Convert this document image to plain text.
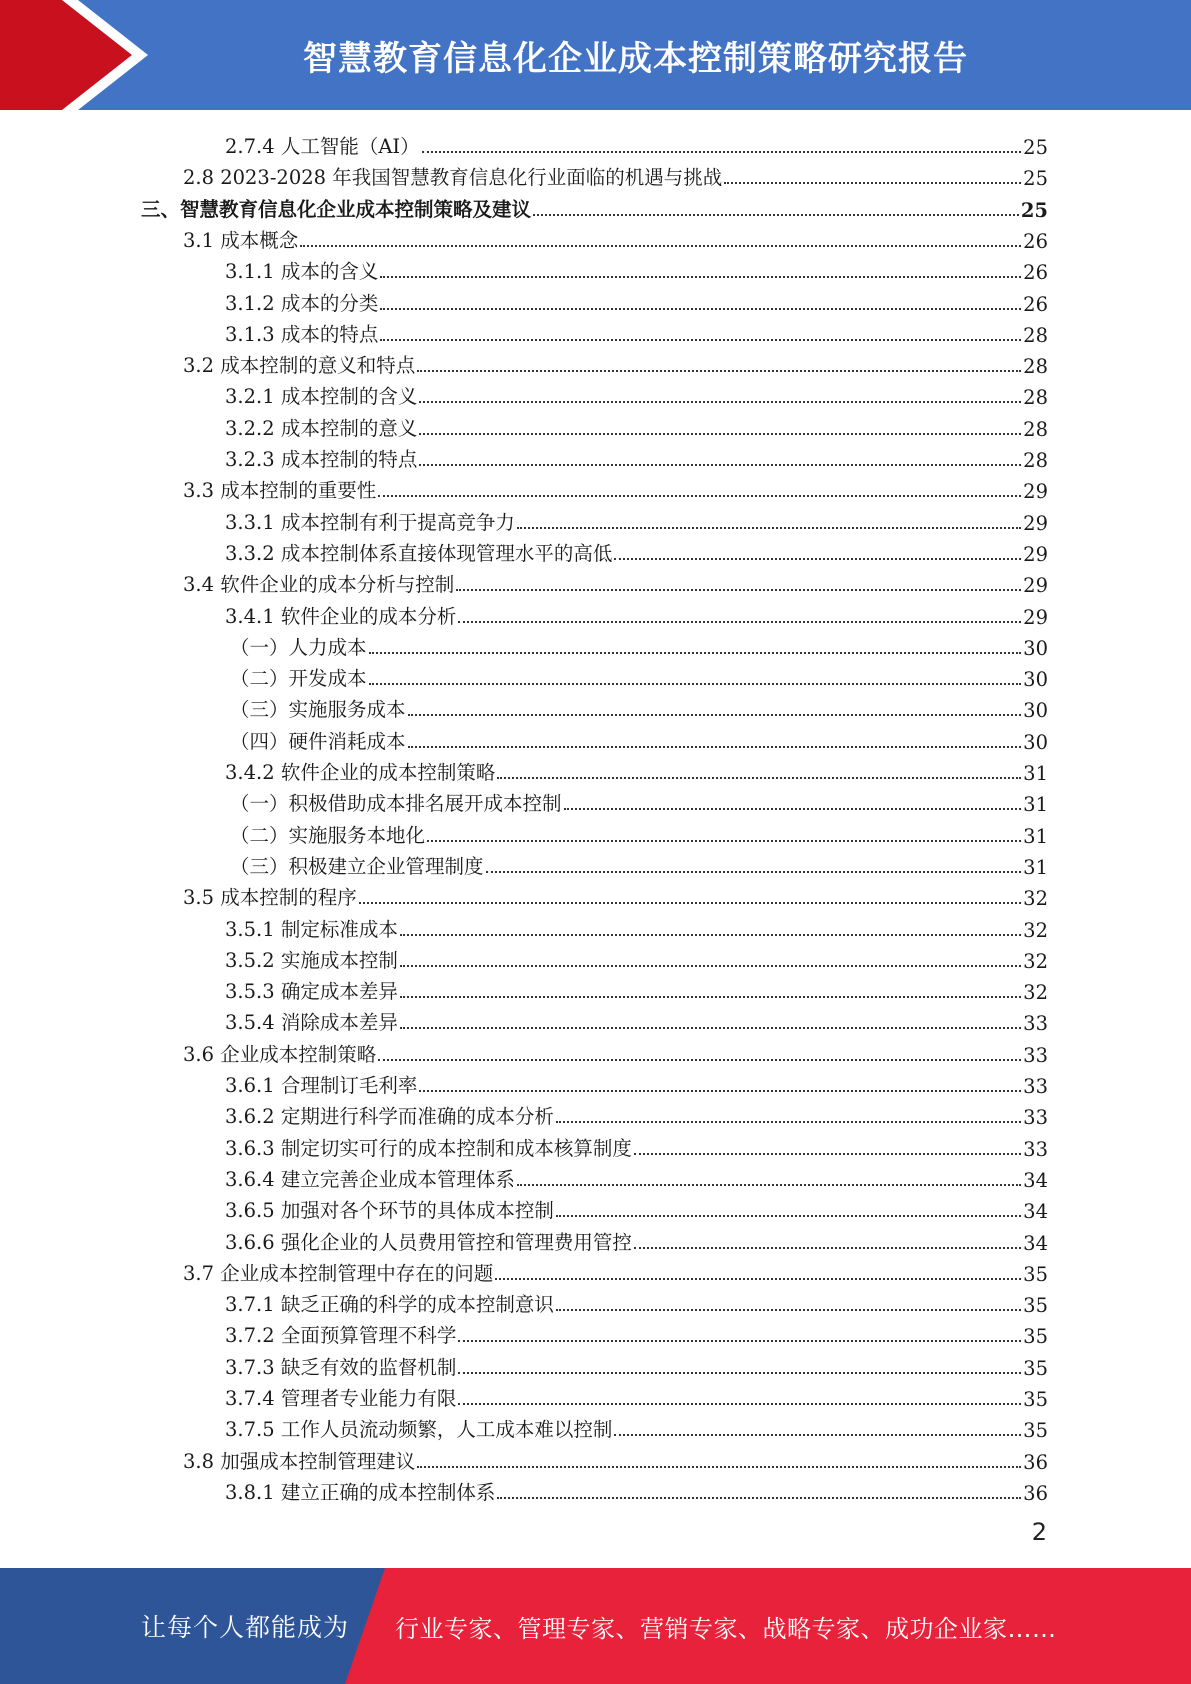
智慧教育信息化企业成本控制策略研究报告
2.7.4 人工智能（AI）	25
2.8 2023-2028 年我国智慧教育信息化行业面临的机遇与挑战	25
三、智慧教育信息化企业成本控制策略及建议	25
3.1 成本概念	26
3.1.1 成本的含义	26
3.1.2 成本的分类	26
3.1.3 成本的特点	28
3.2 成本控制的意义和特点	28
3.2.1 成本控制的含义	28
3.2.2 成本控制的意义	28
3.2.3 成本控制的特点	28
3.3 成本控制的重要性	29
3.3.1 成本控制有利于提高竞争力	29
3.3.2 成本控制体系直接体现管理水平的高低	29
3.4 软件企业的成本分析与控制	29
3.4.1 软件企业的成本分析	29
（一）人力成本	30
（二）开发成本	30
（三）实施服务成本	30
（四）硬件消耗成本	30
3.4.2 软件企业的成本控制策略	31
（一）积极借助成本排名展开成本控制	31
（二）实施服务本地化	31
（三）积极建立企业管理制度	31
3.5 成本控制的程序	32
3.5.1 制定标准成本	32
3.5.2 实施成本控制	32
3.5.3 确定成本差异	32
3.5.4 消除成本差异	33
3.6 企业成本控制策略	33
3.6.1 合理制订毛利率	33
3.6.2 定期进行科学而准确的成本分析	33
3.6.3 制定切实可行的成本控制和成本核算制度	33
3.6.4 建立完善企业成本管理体系	34
3.6.5 加强对各个环节的具体成本控制	34
3.6.6 强化企业的人员费用管控和管理费用管控	34
3.7 企业成本控制管理中存在的问题	35
3.7.1 缺乏正确的科学的成本控制意识	35
3.7.2 全面预算管理不科学	35
3.7.3 缺乏有效的监督机制	35
3.7.4 管理者专业能力有限	35
3.7.5 工作人员流动频繁，人工成本难以控制	35
3.8 加强成本控制管理建议	36
3.8.1 建立正确的成本控制体系	36
2
让每个人都能成为	行业专家、管理专家、营销专家、战略专家、成功企业家……
